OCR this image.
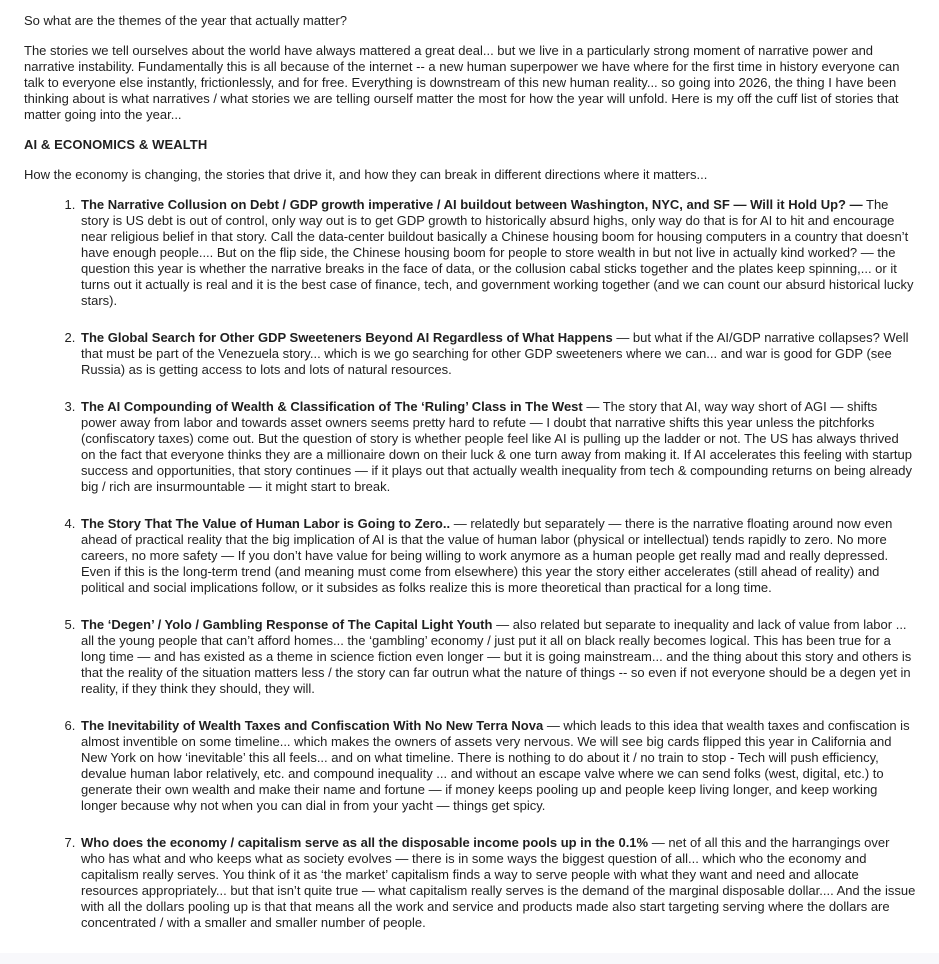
So what are the themes of the year that actually matter?

The stories we tell ourselves about the world have always mattered a great deal... but we live in a particularly strong moment of narrative power and narrative instability. Fundamentally this is all because of the internet -- a new human superpower we have where for the first time in history everyone can talk to everyone else instantly, frictionlessly, and for free. Everything is downstream of this new human reality... so going into 2026, the thing I have been thinking about is what narratives / what stories we are telling ourself matter the most for how the year will unfold. Here is my off the cuff list of stories that matter going into the year...

AI & ECONOMICS & WEALTH

How the economy is changing, the stories that drive it, and how they can break in different directions where it matters...

1. The Narrative Collusion on Debt / GDP growth imperative / AI buildout between Washington, NYC, and SF — Will it Hold Up? — The story is US debt is out of control, only way out is to get GDP growth to historically absurd highs, only way do that is for AI to hit and encourage near religious belief in that story. Call the data-center buildout basically a Chinese housing boom for housing computers in a country that doesn’t have enough people.... But on the flip side, the Chinese housing boom for people to store wealth in but not live in actually kind worked? — the question this year is whether the narrative breaks in the face of data, or the collusion cabal sticks together and the plates keep spinning,... or it turns out it actually is real and it is the best case of finance, tech, and government working together (and we can count our absurd historical lucky stars).
2. The Global Search for Other GDP Sweeteners Beyond AI Regardless of What Happens — but what if the AI/GDP narrative collapses? Well that must be part of the Venezuela story... which is we go searching for other GDP sweeteners where we can... and war is good for GDP (see Russia) as is getting access to lots and lots of natural resources.
3. The AI Compounding of Wealth & Classification of The ‘Ruling’ Class in The West — The story that AI, way way short of AGI — shifts power away from labor and towards asset owners seems pretty hard to refute — I doubt that narrative shifts this year unless the pitchforks (confiscatory taxes) come out. But the question of story is whether people feel like AI is pulling up the ladder or not. The US has always thrived on the fact that everyone thinks they are a millionaire down on their luck & one turn away from making it. If AI accelerates this feeling with startup success and opportunities, that story continues — if it plays out that actually wealth inequality from tech & compounding returns on being already big / rich are insurmountable — it might start to break.
4. The Story That The Value of Human Labor is Going to Zero.. — relatedly but separately — there is the narrative floating around now even ahead of practical reality that the big implication of AI is that the value of human labor (physical or intellectual) tends rapidly to zero. No more careers, no more safety — If you don’t have value for being willing to work anymore as a human people get really mad and really depressed. Even if this is the long-term trend (and meaning must come from elsewhere) this year the story either accelerates (still ahead of reality) and political and social implications follow, or it subsides as folks realize this is more theoretical than practical for a long time.
5. The ‘Degen’ / Yolo / Gambling Response of The Capital Light Youth — also related but separate to inequality and lack of value from labor ... all the young people that can’t afford homes... the ‘gambling’ economy / just put it all on black really becomes logical. This has been true for a long time — and has existed as a theme in science fiction even longer — but it is going mainstream... and the thing about this story and others is that the reality of the situation matters less / the story can far outrun what the nature of things -- so even if not everyone should be a degen yet in reality, if they think they should, they will.
6. The Inevitability of Wealth Taxes and Confiscation With No New Terra Nova — which leads to this idea that wealth taxes and confiscation is almost inventible on some timeline... which makes the owners of assets very nervous. We will see big cards flipped this year in California and New York on how ‘inevitable’ this all feels... and on what timeline. There is nothing to do about it / no train to stop - Tech will push efficiency, devalue human labor relatively, etc. and compound inequality ... and without an escape valve where we can send folks (west, digital, etc.) to generate their own wealth and make their name and fortune — if money keeps pooling up and people keep living longer, and keep working longer because why not when you can dial in from your yacht — things get spicy.
7. Who does the economy / capitalism serve as all the disposable income pools up in the 0.1% — net of all this and the harrangings over who has what and who keeps what as society evolves — there is in some ways the biggest question of all... which who the economy and capitalism really serves. You think of it as ‘the market’ capitalism finds a way to serve people with what they want and need and allocate resources appropriately... but that isn’t quite true — what capitalism really serves is the demand of the marginal disposable dollar.... And the issue with all the dollars pooling up is that that means all the work and service and products made also start targeting serving where the dollars are concentrated / with a smaller and smaller number of people.
